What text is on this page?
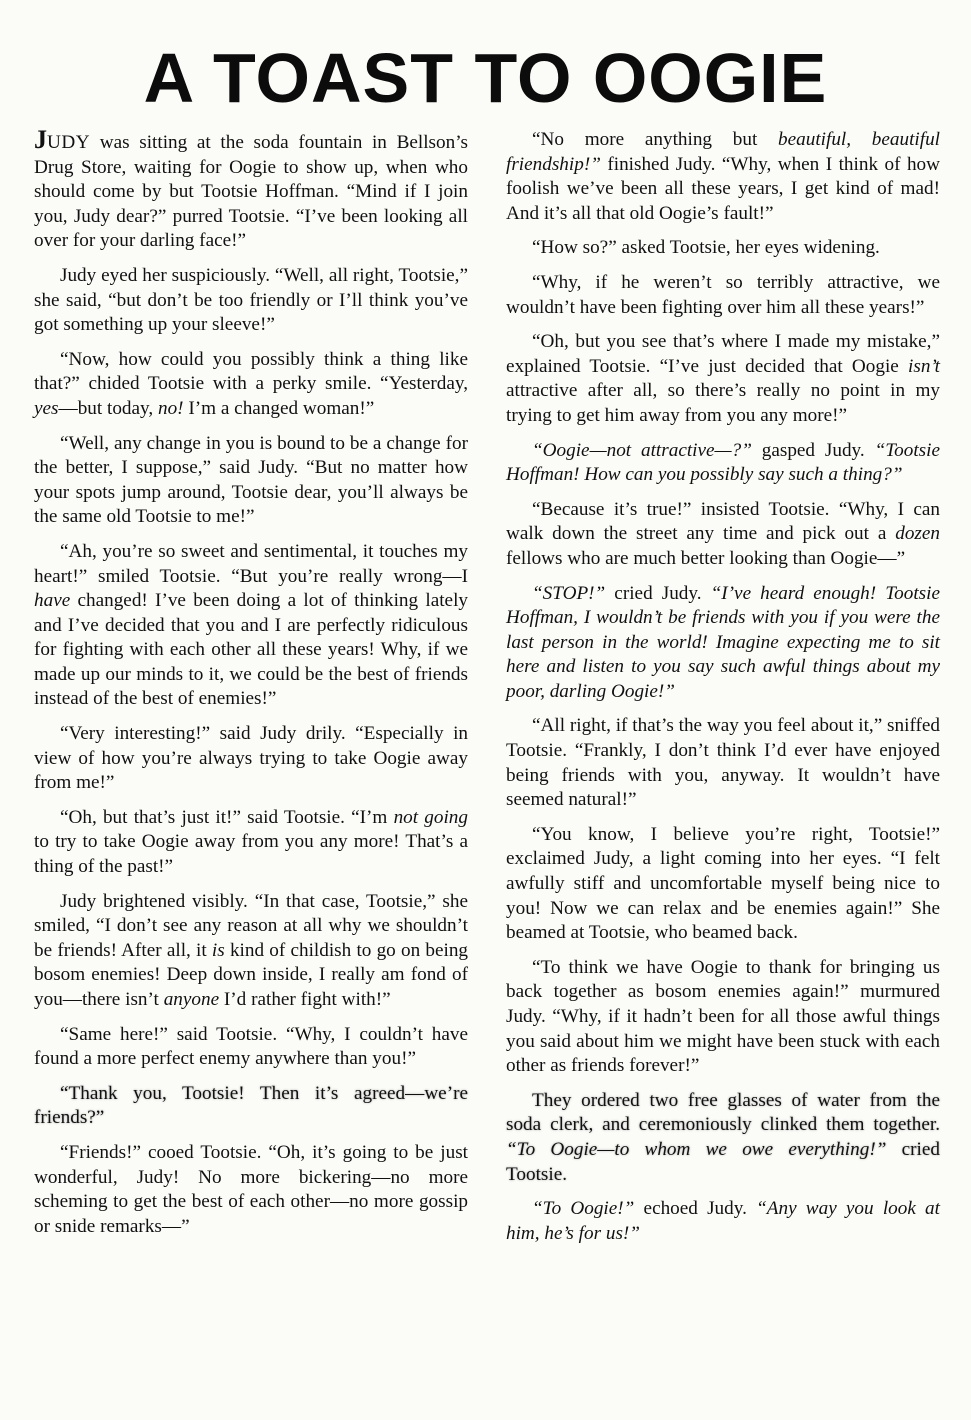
A TOAST TO OOGIE

JUDY was sitting at the soda fountain in Bellson’s Drug Store, waiting for Oogie to show up, when who should come by but Tootsie Hoffman. “Mind if I join you, Judy dear?” purred Tootsie. “I’ve been looking all over for your darling face!”

Judy eyed her suspiciously. “Well, all right, Tootsie,” she said, “but don’t be too friendly or I’ll think you’ve got something up your sleeve!”

“Now, how could you possibly think a thing like that?” chided Tootsie with a perky smile. “Yesterday, yes—but today, no! I’m a changed woman!”

“Well, any change in you is bound to be a change for the better, I suppose,” said Judy. “But no matter how your spots jump around, Tootsie dear, you’ll always be the same old Tootsie to me!”

“Ah, you’re so sweet and sentimental, it touches my heart!” smiled Tootsie. “But you’re really wrong—I have changed! I’ve been doing a lot of thinking lately and I’ve decided that you and I are perfectly ridiculous for fighting with each other all these years! Why, if we made up our minds to it, we could be the best of friends instead of the best of enemies!”

“Very interesting!” said Judy drily. “Especially in view of how you’re always trying to take Oogie away from me!”

“Oh, but that’s just it!” said Tootsie. “I’m not going to try to take Oogie away from you any more! That’s a thing of the past!”

Judy brightened visibly. “In that case, Tootsie,” she smiled, “I don’t see any reason at all why we shouldn’t be friends! After all, it is kind of childish to go on being bosom enemies! Deep down inside, I really am fond of you—there isn’t anyone I’d rather fight with!”

“Same here!” said Tootsie. “Why, I couldn’t have found a more perfect enemy anywhere than you!”

“Thank you, Tootsie! Then it’s agreed—we’re friends?”

“Friends!” cooed Tootsie. “Oh, it’s going to be just wonderful, Judy! No more bickering—no more scheming to get the best of each other—no more gossip or snide remarks—”

“No more anything but beautiful, beautiful friendship!” finished Judy. “Why, when I think of how foolish we’ve been all these years, I get kind of mad! And it’s all that old Oogie’s fault!”

“How so?” asked Tootsie, her eyes widening.

“Why, if he weren’t so terribly attractive, we wouldn’t have been fighting over him all these years!”

“Oh, but you see that’s where I made my mistake,” explained Tootsie. “I’ve just decided that Oogie isn’t attractive after all, so there’s really no point in my trying to get him away from you any more!”

“Oogie—not attractive—?” gasped Judy. “Tootsie Hoffman! How can you possibly say such a thing?”

“Because it’s true!” insisted Tootsie. “Why, I can walk down the street any time and pick out a dozen fellows who are much better looking than Oogie—”

“STOP!” cried Judy. “I’ve heard enough! Tootsie Hoffman, I wouldn’t be friends with you if you were the last person in the world! Imagine expecting me to sit here and listen to you say such awful things about my poor, darling Oogie!”

“All right, if that’s the way you feel about it,” sniffed Tootsie. “Frankly, I don’t think I’d ever have enjoyed being friends with you, anyway. It wouldn’t have seemed natural!”

“You know, I believe you’re right, Tootsie!” exclaimed Judy, a light coming into her eyes. “I felt awfully stiff and uncomfortable myself being nice to you! Now we can relax and be enemies again!” She beamed at Tootsie, who beamed back.

“To think we have Oogie to thank for bringing us back together as bosom enemies again!” murmured Judy. “Why, if it hadn’t been for all those awful things you said about him we might have been stuck with each other as friends forever!”

They ordered two free glasses of water from the soda clerk, and ceremoniously clinked them together. “To Oogie—to whom we owe everything!” cried Tootsie.

“To Oogie!” echoed Judy. “Any way you look at him, he’s for us!”
